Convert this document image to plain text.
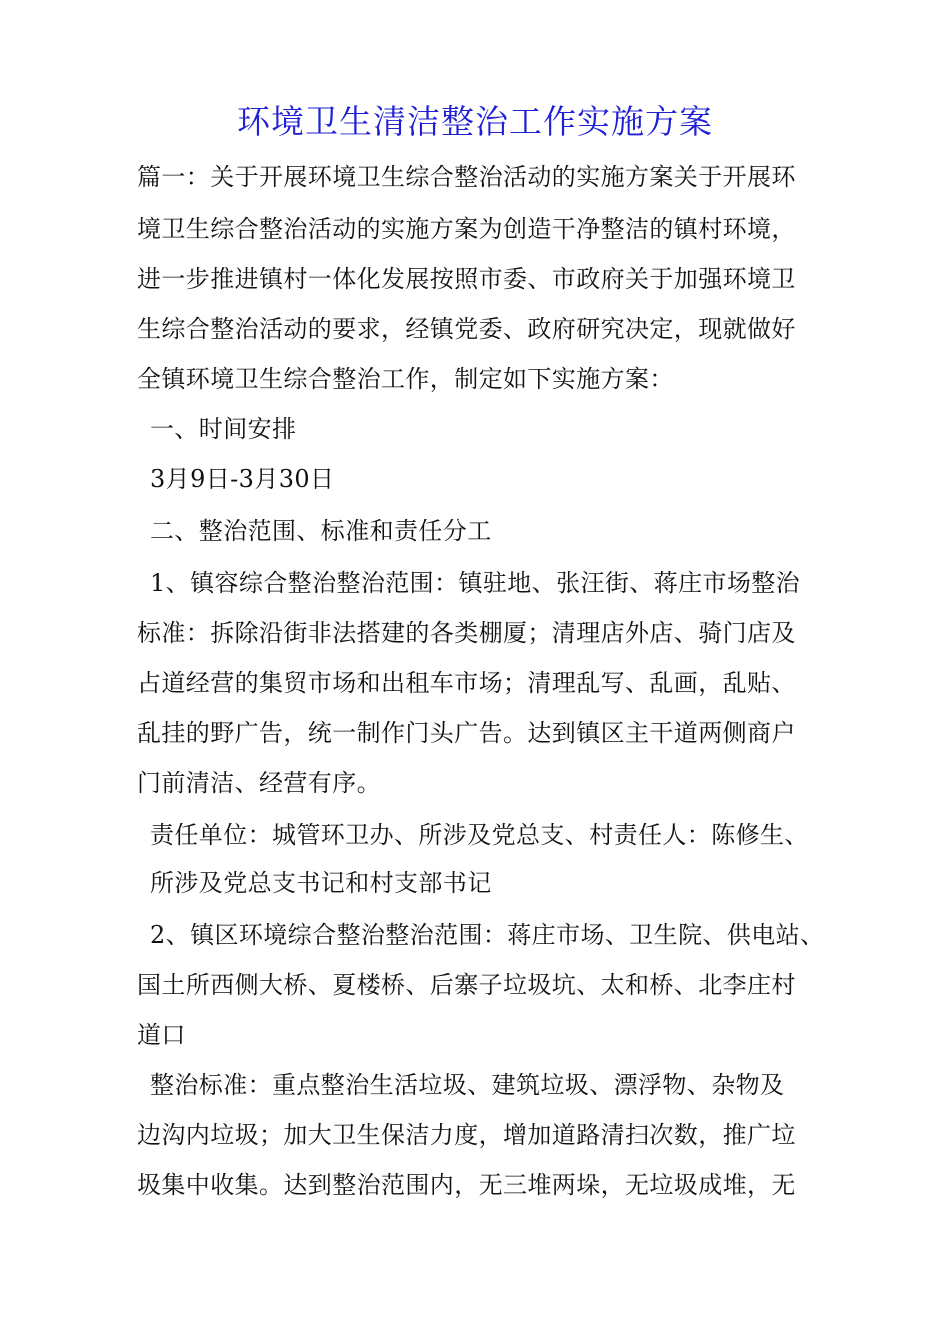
环境卫生清洁整治工作实施方案
篇一：关于开展环境卫生综合整治活动的实施方案关于开展环
境卫生综合整治活动的实施方案为创造干净整洁的镇村环境，
进一步推进镇村一体化发展按照市委、市政府关于加强环境卫
生综合整治活动的要求，经镇党委、政府研究决定，现就做好
全镇环境卫生综合整治工作，制定如下实施方案：
一、时间安排
3月9日-3月30日
二、整治范围、标准和责任分工
1、镇容综合整治整治范围：镇驻地、张汪街、蒋庄市场整治
标准：拆除沿街非法搭建的各类棚厦；清理店外店、骑门店及
占道经营的集贸市场和出租车市场；清理乱写、乱画，乱贴、
乱挂的野广告，统一制作门头广告。达到镇区主干道两侧商户
门前清洁、经营有序。
责任单位：城管环卫办、所涉及党总支、村责任人：陈修生、
所涉及党总支书记和村支部书记
2、镇区环境综合整治整治范围：蒋庄市场、卫生院、供电站、
国土所西侧大桥、夏楼桥、后寨子垃圾坑、太和桥、北李庄村
道口
整治标准：重点整治生活垃圾、建筑垃圾、漂浮物、杂物及
边沟内垃圾；加大卫生保洁力度，增加道路清扫次数，推广垃
圾集中收集。达到整治范围内，无三堆两垛，无垃圾成堆，无
